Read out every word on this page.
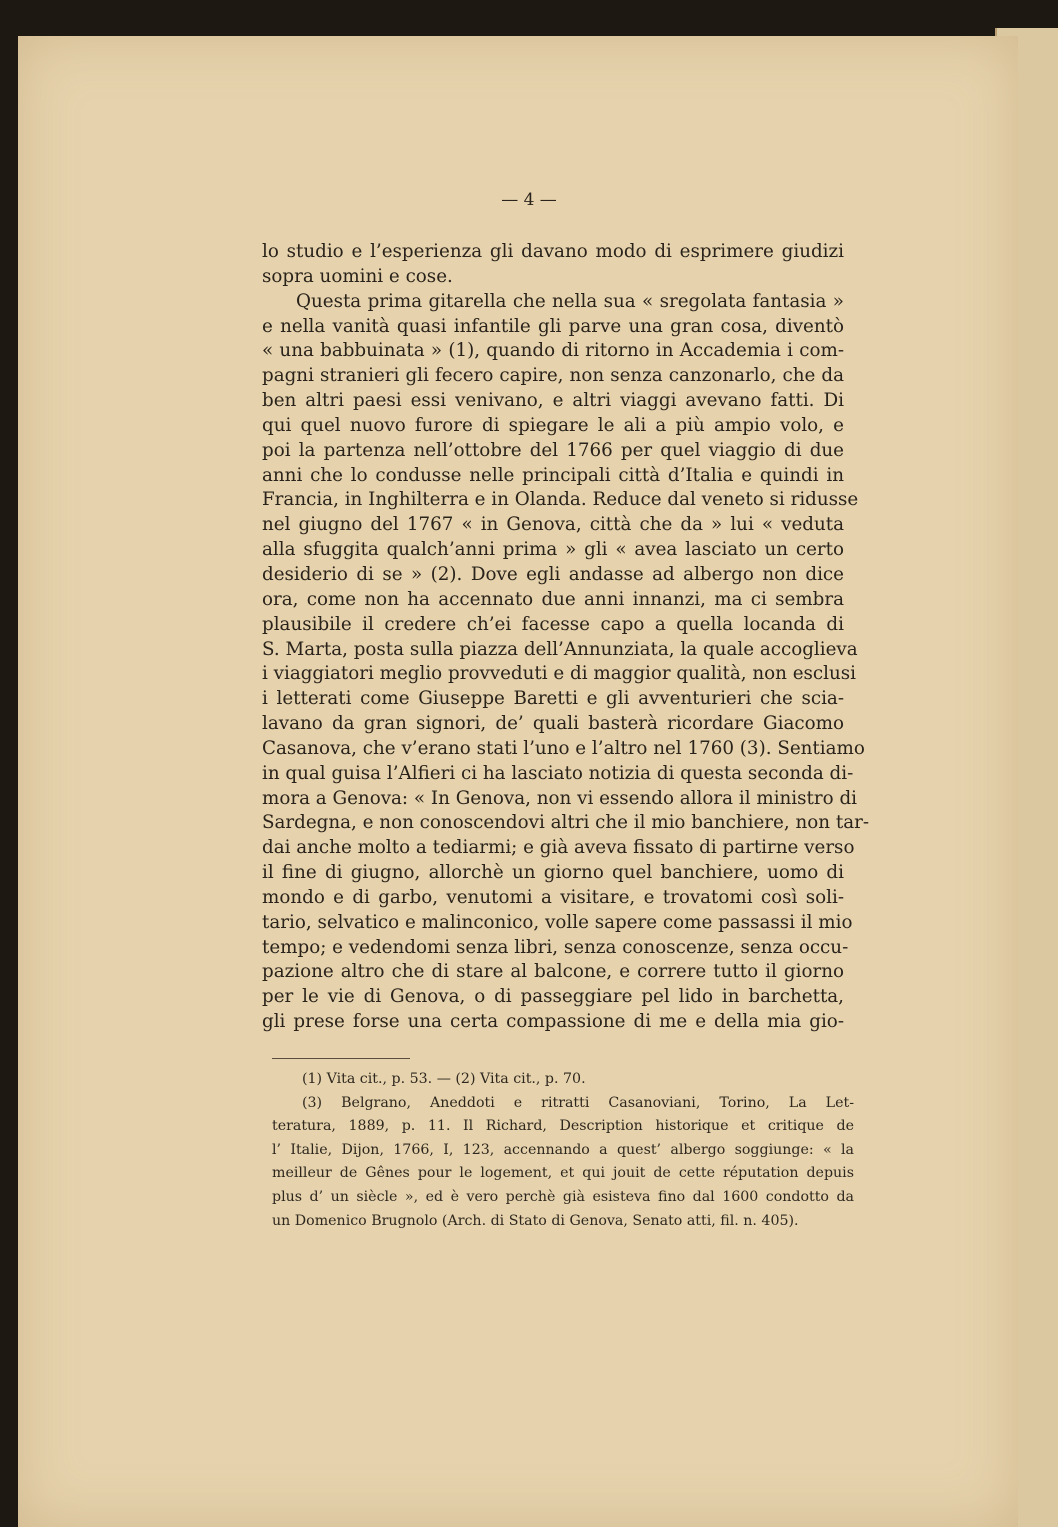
— 4 —
lo studio e l’esperienza gli davano modo di esprimere giudizi
sopra uomini e cose.
Questa prima gitarella che nella sua « sregolata fantasia »
e nella vanità quasi infantile gli parve una gran cosa, diventò
« una babbuinata » (1), quando di ritorno in Accademia i com-
pagni stranieri gli fecero capire, non senza canzonarlo, che da
ben altri paesi essi venivano, e altri viaggi avevano fatti. Di
qui quel nuovo furore di spiegare le ali a più ampio volo, e
poi la partenza nell’ottobre del 1766 per quel viaggio di due
anni che lo condusse nelle principali città d’Italia e quindi in
Francia, in Inghilterra e in Olanda. Reduce dal veneto si ridusse
nel giugno del 1767 « in Genova, città che da » lui « veduta
alla sfuggita qualch’anni prima » gli « avea lasciato un certo
desiderio di se » (2). Dove egli andasse ad albergo non dice
ora, come non ha accennato due anni innanzi, ma ci sembra
plausibile il credere ch’ei facesse capo a quella locanda di
S. Marta, posta sulla piazza dell’Annunziata, la quale accoglieva
i viaggiatori meglio provveduti e di maggior qualità, non esclusi
i letterati come Giuseppe Baretti e gli avventurieri che scia-
lavano da gran signori, de’ quali basterà ricordare Giacomo
Casanova, che v’erano stati l’uno e l’altro nel 1760 (3). Sentiamo
in qual guisa l’Alfieri ci ha lasciato notizia di questa seconda di-
mora a Genova: « In Genova, non vi essendo allora il ministro di
Sardegna, e non conoscendovi altri che il mio banchiere, non tar-
dai anche molto a tediarmi; e già aveva fissato di partirne verso
il fine di giugno, allorchè un giorno quel banchiere, uomo di
mondo e di garbo, venutomi a visitare, e trovatomi così soli-
tario, selvatico e malinconico, volle sapere come passassi il mio
tempo; e vedendomi senza libri, senza conoscenze, senza occu-
pazione altro che di stare al balcone, e correre tutto il giorno
per le vie di Genova, o di passeggiare pel lido in barchetta,
gli prese forse una certa compassione di me e della mia gio-
(1) Vita cit., p. 53. — (2) Vita cit., p. 70.
(3) Belgrano, Aneddoti e ritratti Casanoviani, Torino, La Let-
teratura, 1889, p. 11. Il Richard, Description historique et critique de
l’ Italie, Dijon, 1766, I, 123, accennando a quest’ albergo soggiunge: « la
meilleur de Gênes pour le logement, et qui jouit de cette réputation depuis
plus d’ un siècle », ed è vero perchè già esisteva fino dal 1600 condotto da
un Domenico Brugnolo (Arch. di Stato di Genova, Senato atti, fil. n. 405).
